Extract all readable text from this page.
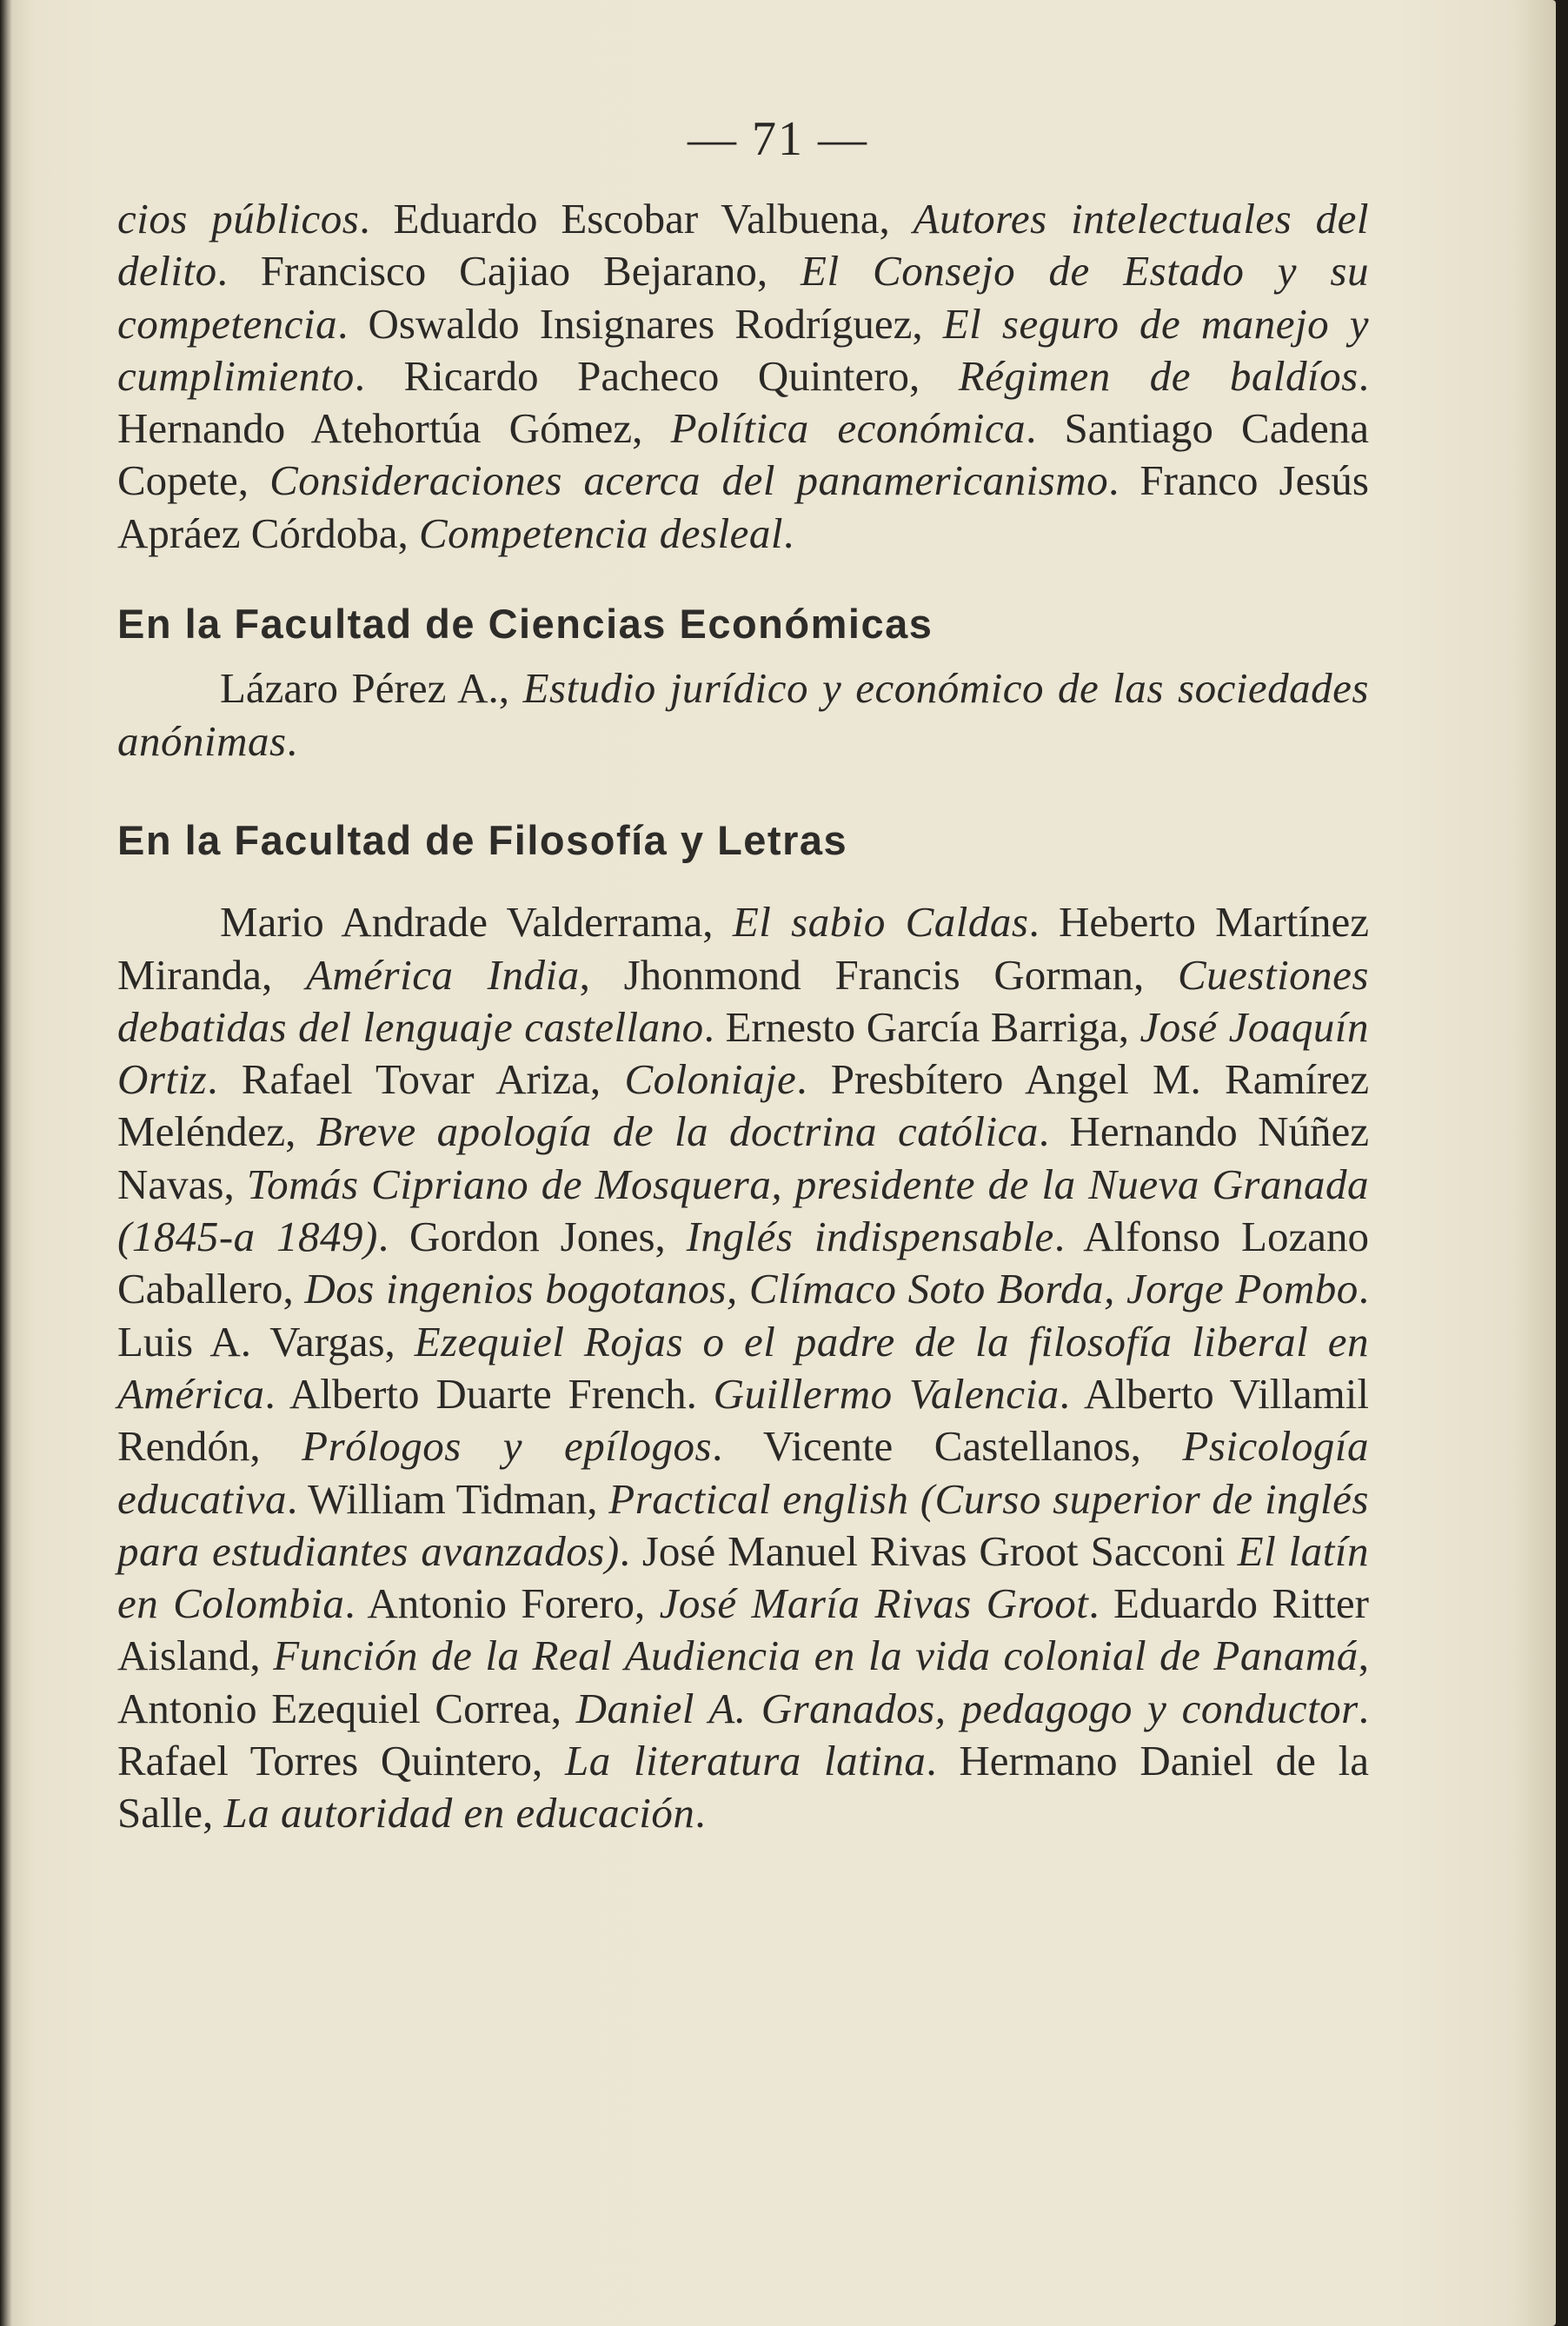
— 71 —

cios públicos. Eduardo Escobar Valbuena, Autores intelectuales del delito. Francisco Cajiao Bejarano, El Consejo de Estado y su competencia. Oswaldo Insignares Rodríguez, El seguro de manejo y cumplimiento. Ricardo Pacheco Quintero, Régimen de baldíos. Hernando Atehortúa Gómez, Política económica. Santiago Cadena Copete, Consideraciones acerca del panamericanismo. Franco Jesús Apráez Córdoba, Competencia desleal.

En la Facultad de Ciencias Económicas

Lázaro Pérez A., Estudio jurídico y económico de las sociedades anónimas.

En la Facultad de Filosofía y Letras

Mario Andrade Valderrama, El sabio Caldas. Heberto Martínez Miranda, América India, Jhonmond Francis Gorman, Cuestiones debatidas del lenguaje castellano. Ernesto García Barriga, José Joaquín Ortiz. Rafael Tovar Ariza, Coloniaje. Presbítero Angel M. Ramírez Meléndez, Breve apología de la doctrina católica. Hernando Núñez Navas, Tomás Cipriano de Mosquera, presidente de la Nueva Granada (1845-a 1849). Gordon Jones, Inglés indispensable. Alfonso Lozano Caballero, Dos ingenios bogotanos, Clímaco Soto Borda, Jorge Pombo. Luis A. Vargas, Ezequiel Rojas o el padre de la filosofía liberal en América. Alberto Duarte French. Guillermo Valencia. Alberto Villamil Rendón, Prólogos y epílogos. Vicente Castellanos, Psicología educativa. William Tidman, Practical english (Curso superior de inglés para estudiantes avanzados). José Manuel Rivas Groot Sacconi El latín en Colombia. Antonio Forero, José María Rivas Groot. Eduardo Ritter Aisland, Función de la Real Audiencia en la vida colonial de Panamá, Antonio Ezequiel Correa, Daniel A. Granados, pedagogo y conductor. Rafael Torres Quintero, La literatura latina. Hermano Daniel de la Salle, La autoridad en educación.
